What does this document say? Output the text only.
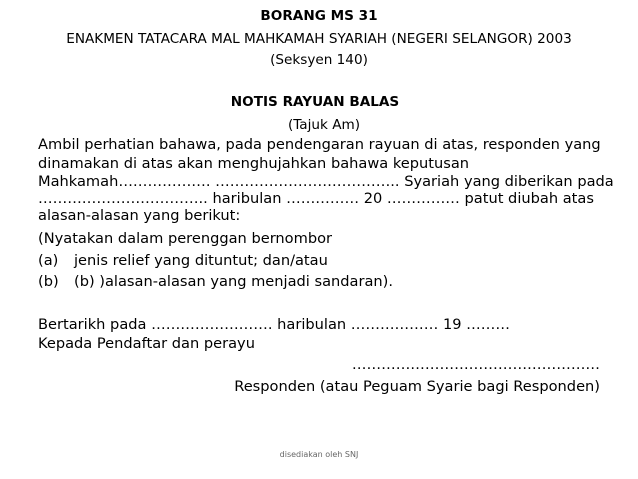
BORANG MS 31
ENAKMEN TATACARA MAL MAHKAMAH SYARIAH (NEGERI SELANGOR) 2003
(Seksyen 140)
NOTIS RAYUAN BALAS
(Tajuk Am)
Ambil perhatian bahawa, pada pendengaran rayuan di atas, responden yang
dinamakan di atas akan menghujahkan bahawa keputusan
Mahkamah………………. ……………………………….. Syariah yang diberikan pada
…………………………….. haribulan …………… 20 …………… patut diubah atas
alasan-alasan yang berikut:
(Nyatakan dalam perenggan bernombor
(a) jenis relief yang dituntut; dan/atau
(b) (b) )alasan-alasan yang menjadi sandaran).
Bertarikh pada ……………………. haribulan ……………… 19 ………
Kepada Pendaftar dan perayu
……………………………………………
Responden (atau Peguam Syarie bagi Responden)
disediakan oleh SNJ
